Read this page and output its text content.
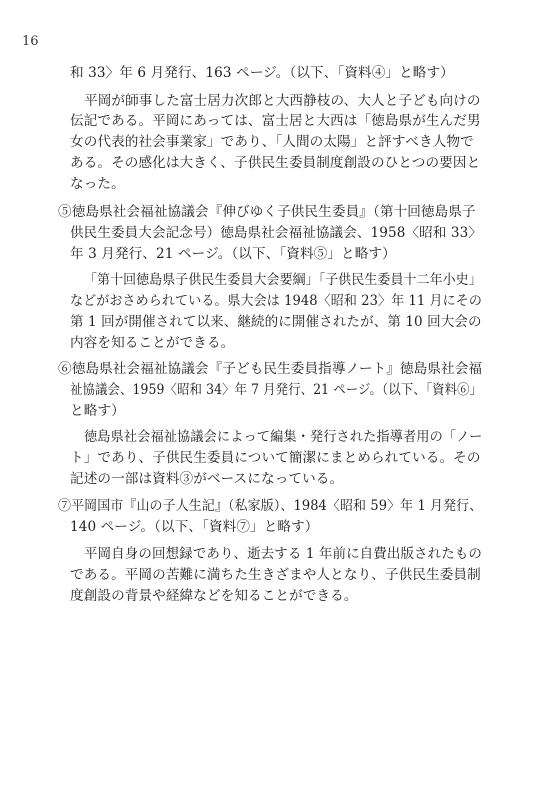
16
和 33〉年 6 月発行、163 ページ。（以下、「資料④」と略す）
平岡が師事した富士居力次郎と大西静枝の、大人と子ども向けの
伝記である。平岡にあっては、富士居と大西は「徳島県が生んだ男
女の代表的社会事業家」であり、「人間の太陽」と評すべき人物で
ある。その感化は大きく、子供民生委員制度創設のひとつの要因と
なった。
⑤徳島県社会福祉協議会『伸びゆく子供民生委員』（第十回徳島県子
供民生委員大会記念号）徳島県社会福祉協議会、1958〈昭和 33〉
年 3 月発行、21 ページ。（以下、「資料⑤」と略す）
「第十回徳島県子供民生委員大会要綱」「子供民生委員十二年小史」
などがおさめられている。県大会は 1948〈昭和 23〉年 11 月にその
第 1 回が開催されて以来、継続的に開催されたが、第 10 回大会の
内容を知ることができる。
⑥徳島県社会福祉協議会『子ども民生委員指導ノート』徳島県社会福
祉協議会、1959〈昭和 34〉年 7 月発行、21 ページ。（以下、「資料⑥」
と略す）
徳島県社会福祉協議会によって編集・発行された指導者用の「ノー
ト」であり、子供民生委員について簡潔にまとめられている。その
記述の一部は資料③がベースになっている。
⑦平岡国市『山の子人生記』（私家版）、1984〈昭和 59〉年 1 月発行、
140 ページ。（以下、「資料⑦」と略す）
平岡自身の回想録であり、逝去する 1 年前に自費出版されたもの
である。平岡の苦難に満ちた生きざまや人となり、子供民生委員制
度創設の背景や経緯などを知ることができる。
